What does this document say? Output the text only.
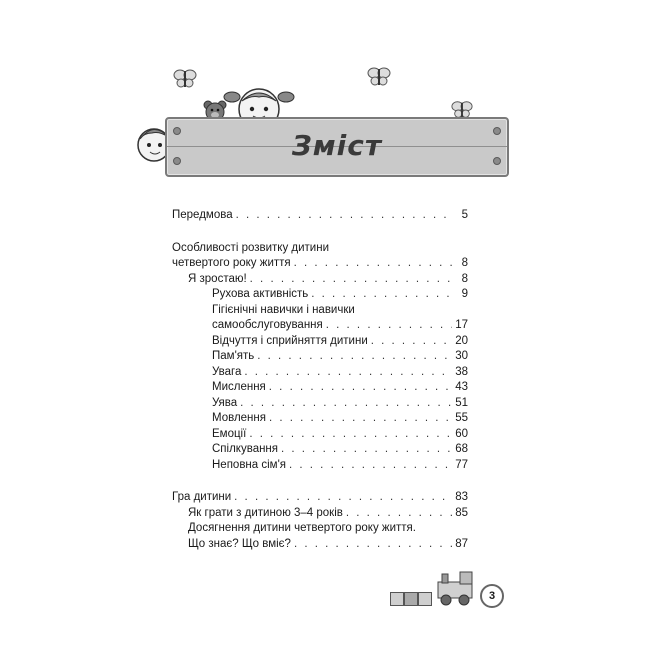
Зміст
Передмова . . .	5
Особливості розвитку дитини
четвертого року життя . . .	8
Я зростаю! . . .	8
Рухова активність . . .	9
Гігієнічні навички і навички
самообслуговування . . .	17
Відчуття і сприйняття дитини . . .	20
Пам'ять . . .	30
Увага . . .	38
Мислення . . .	43
Уява . . .	51
Мовлення . . .	55
Емоції . . .	60
Спілкування . . .	68
Неповна сім'я . . .	77
Гра дитини . . .	83
Як грати з дитиною 3–4 років . . .	85
Досягнення дитини четвертого року життя.
Що знає? Що вміє? . . .	87
3
